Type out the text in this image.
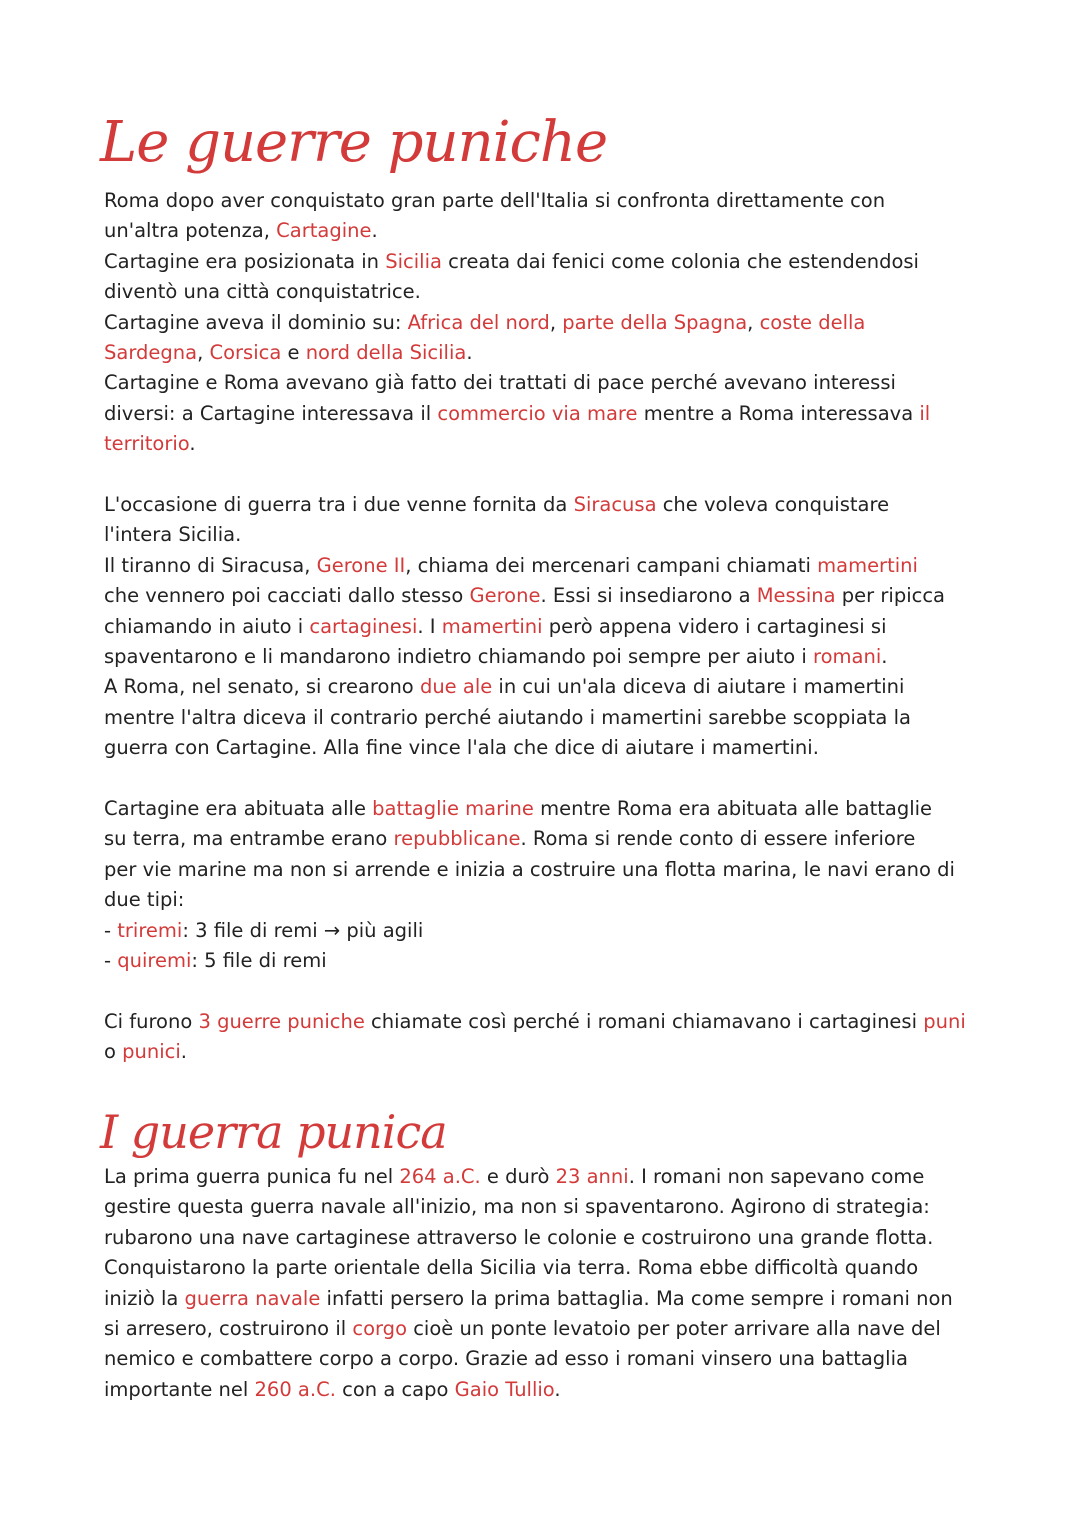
Le guerre puniche
Roma dopo aver conquistato gran parte dell'Italia si confronta direttamente con
un'altra potenza, Cartagine.
Cartagine era posizionata in Sicilia creata dai fenici come colonia che estendendosi
diventò una città conquistatrice.
Cartagine aveva il dominio su: Africa del nord, parte della Spagna, coste della
Sardegna, Corsica e nord della Sicilia.
Cartagine e Roma avevano già fatto dei trattati di pace perché avevano interessi
diversi: a Cartagine interessava il commercio via mare mentre a Roma interessava il
territorio.
L'occasione di guerra tra i due venne fornita da Siracusa che voleva conquistare
l'intera Sicilia.
Il tiranno di Siracusa, Gerone II, chiama dei mercenari campani chiamati mamertini
che vennero poi cacciati dallo stesso Gerone. Essi si insediarono a Messina per ripicca
chiamando in aiuto i cartaginesi. I mamertini però appena videro i cartaginesi si
spaventarono e li mandarono indietro chiamando poi sempre per aiuto i romani.
A Roma, nel senato, si crearono due ale in cui un'ala diceva di aiutare i mamertini
mentre l'altra diceva il contrario perché aiutando i mamertini sarebbe scoppiata la
guerra con Cartagine. Alla fine vince l'ala che dice di aiutare i mamertini.
Cartagine era abituata alle battaglie marine mentre Roma era abituata alle battaglie
su terra, ma entrambe erano repubblicane. Roma si rende conto di essere inferiore
per vie marine ma non si arrende e inizia a costruire una flotta marina, le navi erano di
due tipi:
- triremi: 3 file di remi → più agili
- quiremi: 5 file di remi
Ci furono 3 guerre puniche chiamate così perché i romani chiamavano i cartaginesi puni
o punici.
I guerra punica
La prima guerra punica fu nel 264 a.C. e durò 23 anni. I romani non sapevano come
gestire questa guerra navale all'inizio, ma non si spaventarono. Agirono di strategia:
rubarono una nave cartaginese attraverso le colonie e costruirono una grande flotta.
Conquistarono la parte orientale della Sicilia via terra. Roma ebbe difficoltà quando
iniziò la guerra navale infatti persero la prima battaglia. Ma come sempre i romani non
si arresero, costruirono il corgo cioè un ponte levatoio per poter arrivare alla nave del
nemico e combattere corpo a corpo. Grazie ad esso i romani vinsero una battaglia
importante nel 260 a.C. con a capo Gaio Tullio.
